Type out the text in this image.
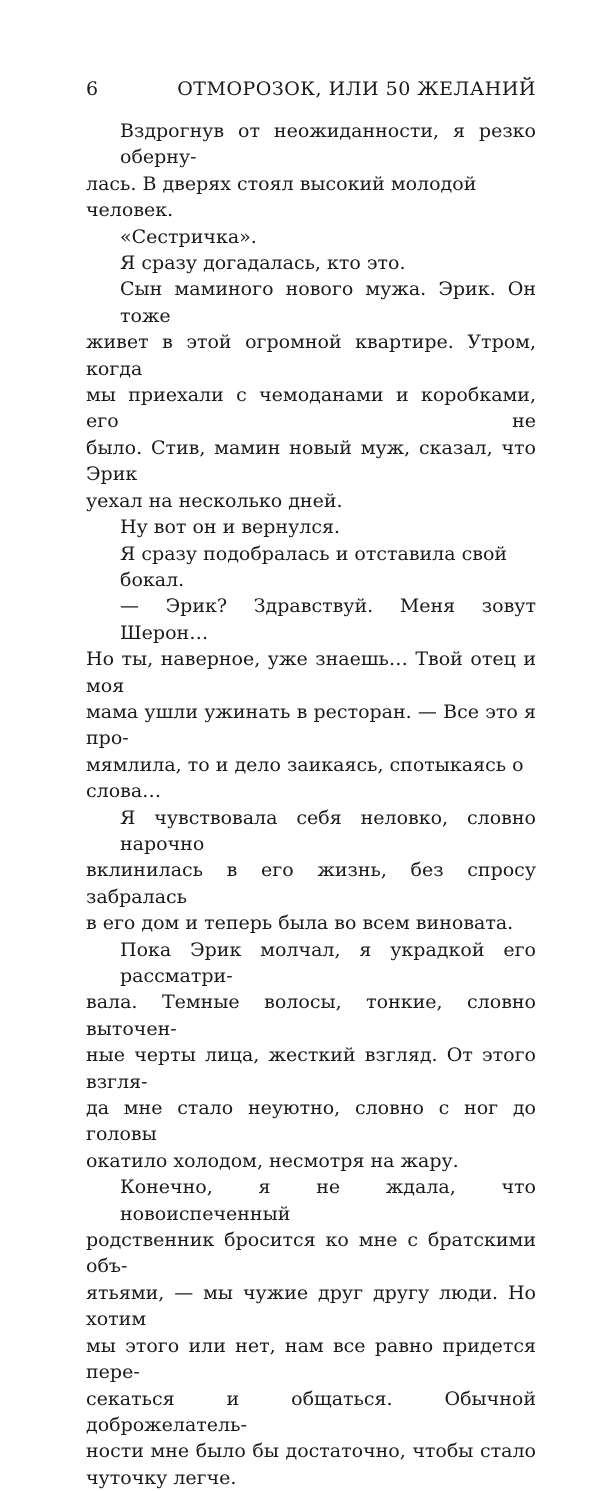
6	ОТМОРОЗОК, ИЛИ 50 ЖЕЛАНИЙ

Вздрогнув от неожиданности, я резко оберну-
лась. В дверях стоял высокий молодой человек.

«Сестричка».

Я сразу догадалась, кто это.

Сын маминого нового мужа. Эрик. Он тоже
живет в этой огромной квартире. Утром, когда
мы приехали с чемоданами и коробками, его не
было. Стив, мамин новый муж, сказал, что Эрик
уехал на несколько дней.

Ну вот он и вернулся.

Я сразу подобралась и отставила свой бокал.

— Эрик? Здравствуй. Меня зовут Шерон…
Но ты, наверное, уже знаешь… Твой отец и моя
мама ушли ужинать в ресторан. — Все это я про-
мямлила, то и дело заикаясь, спотыкаясь о слова…

Я чувствовала себя неловко, словно нарочно
вклинилась в его жизнь, без спросу забралась
в его дом и теперь была во всем виновата.

Пока Эрик молчал, я украдкой его рассматри-
вала. Темные волосы, тонкие, словно выточен-
ные черты лица, жесткий взгляд. От этого взгля-
да мне стало неуютно, словно с ног до головы
окатило холодом, несмотря на жару.

Конечно, я не ждала, что новоиспеченный
родственник бросится ко мне с братскими объ-
ятьями, — мы чужие друг другу люди. Но хотим
мы этого или нет, нам все равно придется пере-
секаться и общаться. Обычной доброжелатель-
ности мне было бы достаточно, чтобы стало
чуточку легче.
